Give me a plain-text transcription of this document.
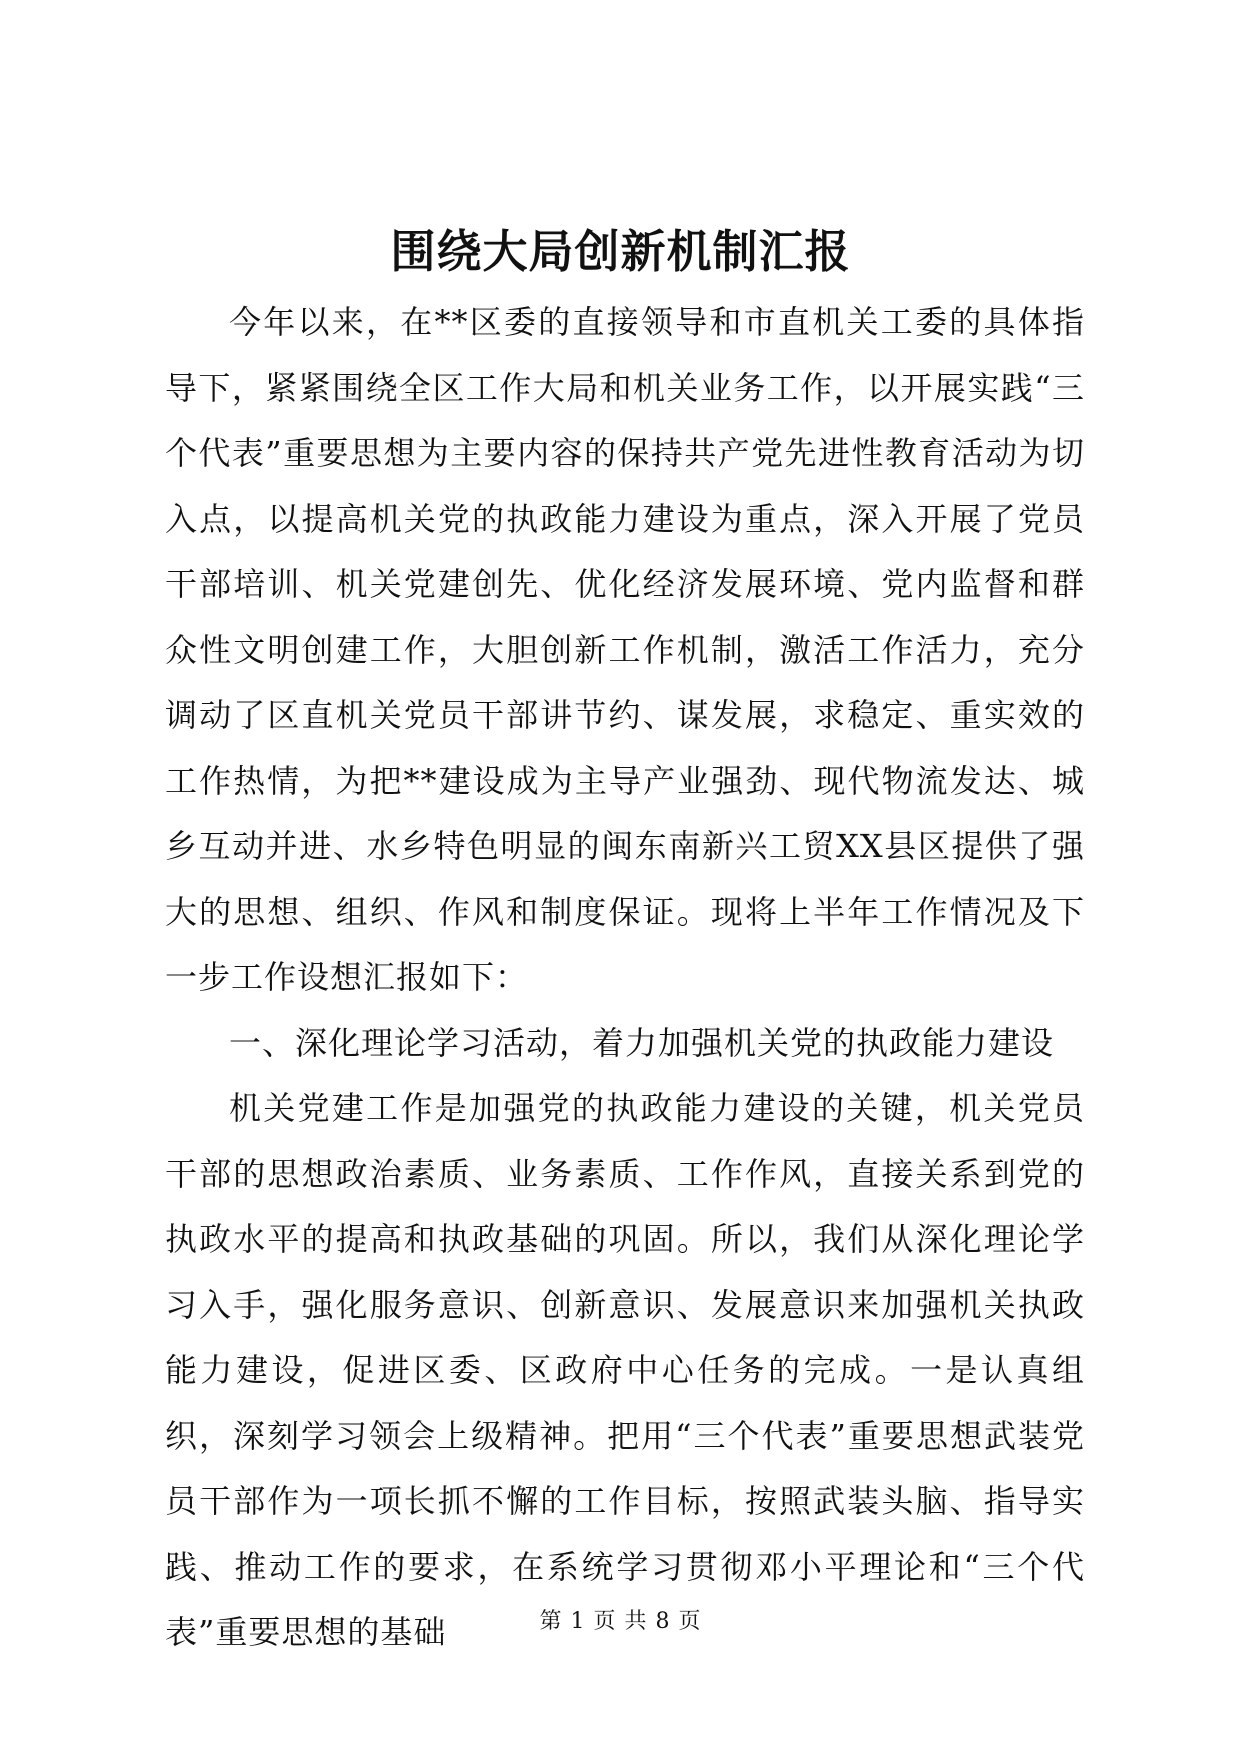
围绕大局创新机制汇报

今年以来，在**区委的直接领导和市直机关工委的具体指导下，紧紧围绕全区工作大局和机关业务工作，以开展实践“三个代表”重要思想为主要内容的保持共产党先进性教育活动为切入点，以提高机关党的执政能力建设为重点，深入开展了党员干部培训、机关党建创先、优化经济发展环境、党内监督和群众性文明创建工作，大胆创新工作机制，激活工作活力，充分调动了区直机关党员干部讲节约、谋发展，求稳定、重实效的工作热情，为把**建设成为主导产业强劲、现代物流发达、城乡互动并进、水乡特色明显的闽东南新兴工贸XX县区提供了强大的思想、组织、作风和制度保证。现将上半年工作情况及下一步工作设想汇报如下：

一、深化理论学习活动，着力加强机关党的执政能力建设

机关党建工作是加强党的执政能力建设的关键，机关党员干部的思想政治素质、业务素质、工作作风，直接关系到党的执政水平的提高和执政基础的巩固。所以，我们从深化理论学习入手，强化服务意识、创新意识、发展意识来加强机关执政能力建设，促进区委、区政府中心任务的完成。一是认真组织，深刻学习领会上级精神。把用“三个代表”重要思想武装党员干部作为一项长抓不懈的工作目标，按照武装头脑、指导实践、推动工作的要求，在系统学习贯彻邓小平理论和“三个代表”重要思想的基础	第 1 页 共 8 页
